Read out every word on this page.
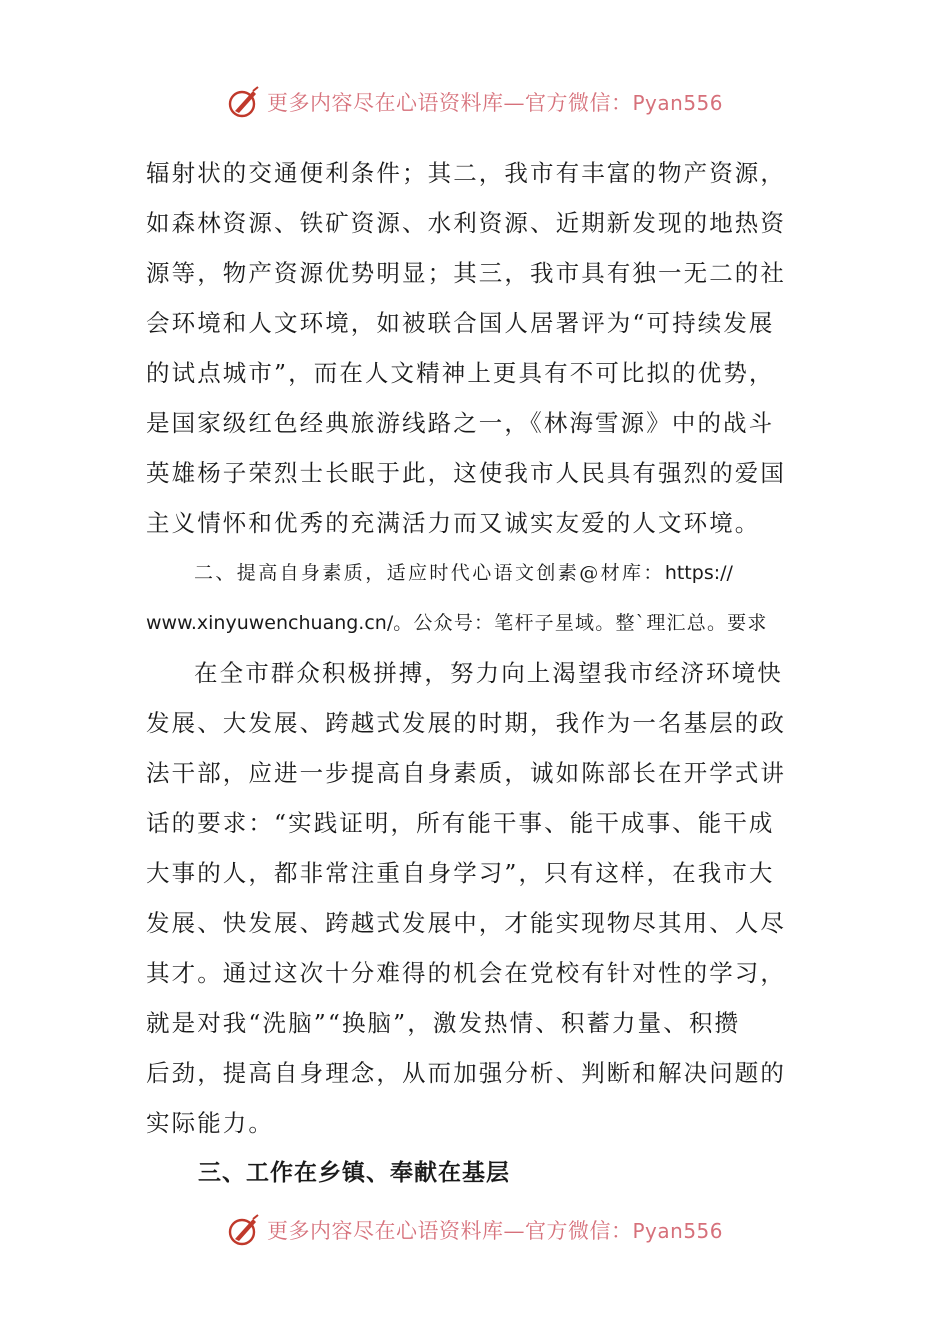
更多内容尽在心语资料库—官方微信：Pyan556
辐射状的交通便利条件；其二，我市有丰富的物产资源，
如森林资源、铁矿资源、水利资源、近期新发现的地热资
源等，物产资源优势明显；其三，我市具有独一无二的社
会环境和人文环境，如被联合国人居署评为“可持续发展
的试点城市”，而在人文精神上更具有不可比拟的优势，
是国家级红色经典旅游线路之一，《林海雪源》中的战斗
英雄杨子荣烈士长眠于此，这使我市人民具有强烈的爱国
主义情怀和优秀的充满活力而又诚实友爱的人文环境。
二、提高自身素质，适应时代心语文创素@材库：https://
www.xinyuwenchuang.cn/。公众号：笔杆子星域。整`理汇总。要求
在全市群众积极拼搏，努力向上渴望我市经济环境快
发展、大发展、跨越式发展的时期，我作为一名基层的政
法干部，应进一步提高自身素质，诚如陈部长在开学式讲
话的要求：“实践证明，所有能干事、能干成事、能干成
大事的人，都非常注重自身学习”，只有这样，在我市大
发展、快发展、跨越式发展中，才能实现物尽其用、人尽
其才。通过这次十分难得的机会在党校有针对性的学习，
就是对我“洗脑”“换脑”，激发热情、积蓄力量、积攒
后劲，提高自身理念，从而加强分析、判断和解决问题的
实际能力。
三、工作在乡镇、奉献在基层
更多内容尽在心语资料库—官方微信：Pyan556
